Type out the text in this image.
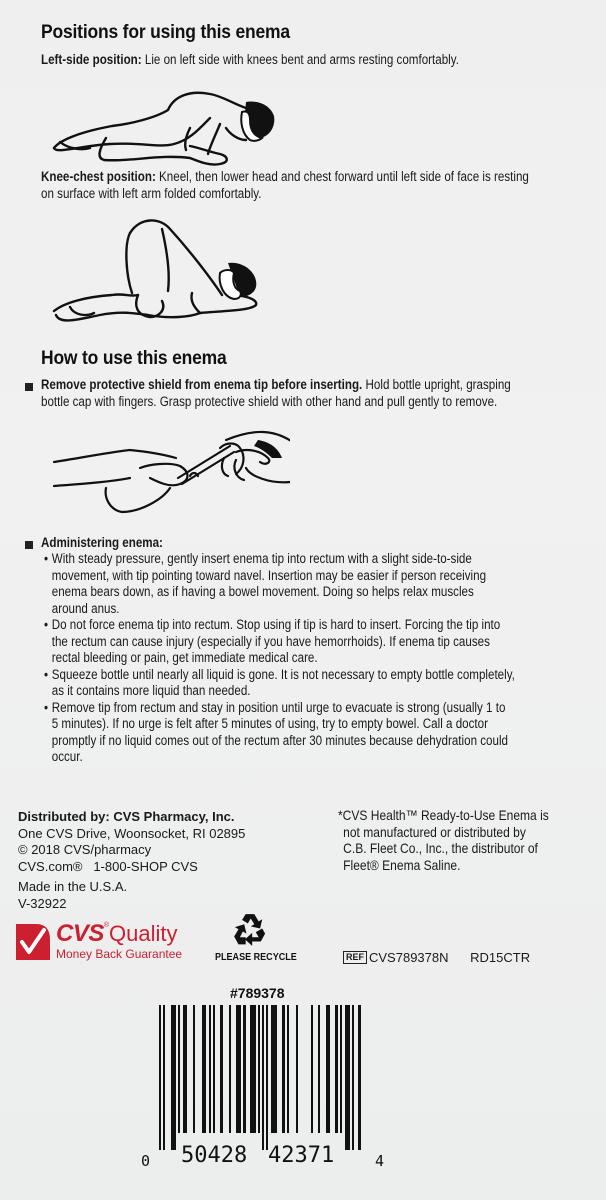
Positions for using this enema
Left-side position: Lie on left side with knees bent and arms resting comfortably.
Knee-chest position: Kneel, then lower head and chest forward until left side of face is resting
on surface with left arm folded comfortably.
How to use this enema
Remove protective shield from enema tip before inserting. Hold bottle upright, grasping
bottle cap with fingers. Grasp protective shield with other hand and pull gently to remove.
Administering enema:
• With steady pressure, gently insert enema tip into rectum with a slight side-to-side
movement, with tip pointing toward navel. Insertion may be easier if person receiving
enema bears down, as if having a bowel movement. Doing so helps relax muscles
around anus.
• Do not force enema tip into rectum. Stop using if tip is hard to insert. Forcing the tip into
the rectum can cause injury (especially if you have hemorrhoids). If enema tip causes
rectal bleeding or pain, get immediate medical care.
• Squeeze bottle until nearly all liquid is gone. It is not necessary to empty bottle completely,
as it contains more liquid than needed.
• Remove tip from rectum and stay in position until urge to evacuate is strong (usually 1 to
5 minutes). If no urge is felt after 5 minutes of using, try to empty bowel. Call a doctor
promptly if no liquid comes out of the rectum after 30 minutes because dehydration could
occur.
Distributed by: CVS Pharmacy, Inc.
One CVS Drive, Woonsocket, RI 02895
© 2018 CVS/pharmacy
CVS.com® 1-800-SHOP CVS
Made in the U.S.A.
V-32922
*CVS Health™ Ready-to-Use Enema is
not manufactured or distributed by
C.B. Fleet Co., Inc., the distributor of
Fleet® Enema Saline.
CVS®Quality
Money Back Guarantee	PLEASE RECYCLE	REF CVS789378N RD15CTR
#789378
0 50428 42371	4
